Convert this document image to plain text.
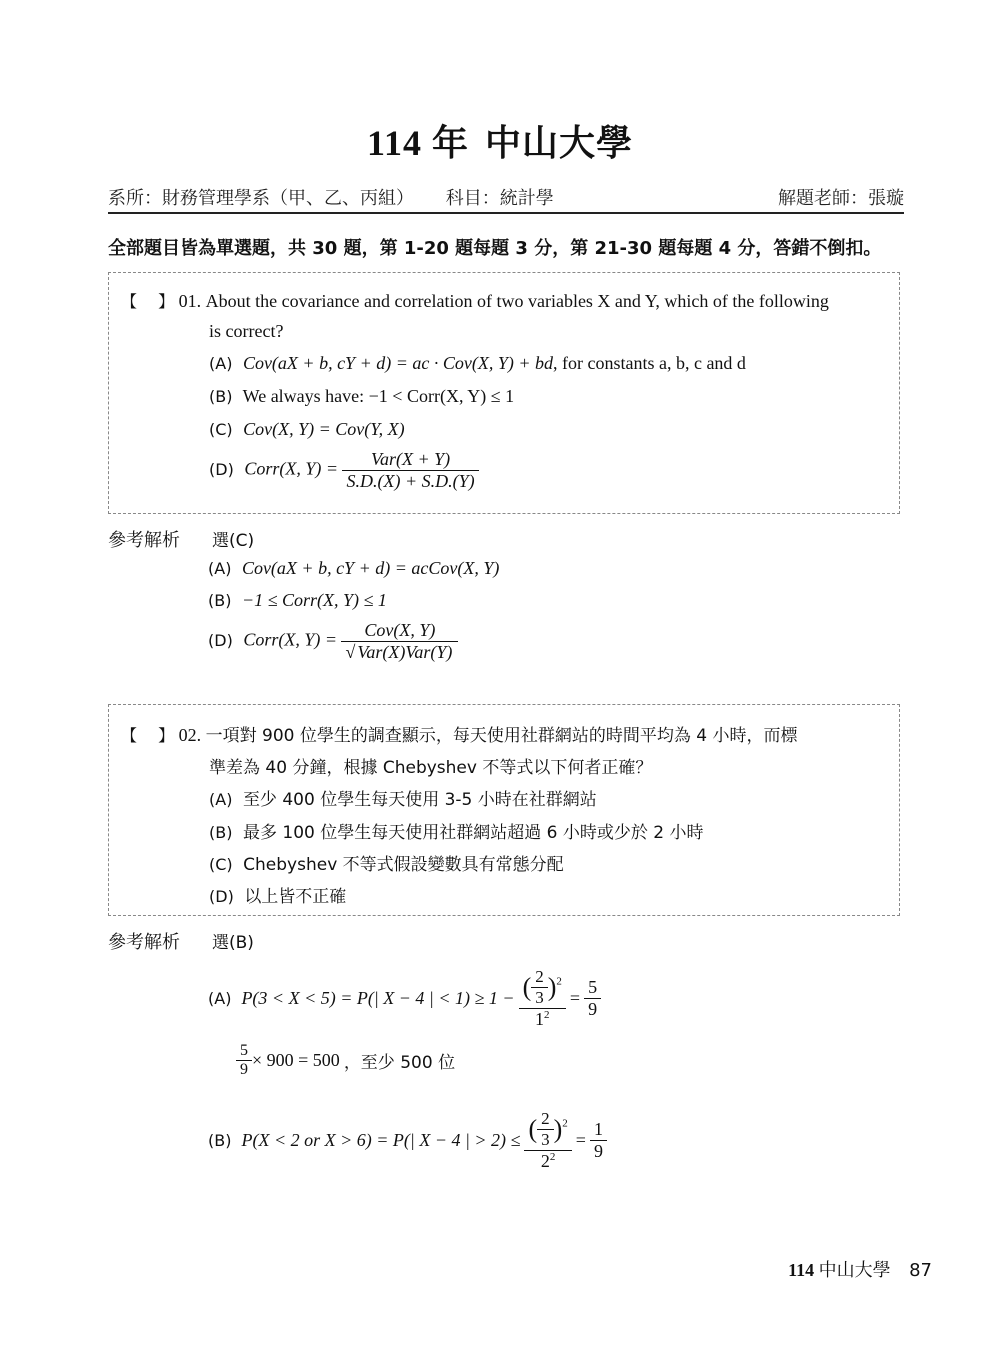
114 年 中山大學
系所：財務管理學系（甲、乙、丙組） 科目：統計學	解題老師：張璇
全部題目皆為單選題，共 30 題，第 1-20 題每題 3 分，第 21-30 題每題 4 分，答錯不倒扣。
【　 】 01. About the covariance and correlation of two variables X and Y, which of the following
is correct?
(A) Cov(aX + b, cY + d) = ac · Cov(X, Y) + bd, for constants a, b, c and d
(B) We always have: −1 < Corr(X, Y) ≤ 1
(C) Cov(X, Y) = Cov(Y, X)
(D) Corr(X, $Y) = \frac{\text{Var(X + Y)}}{S.D.(X) + S.D.(Y)}$
參考解析 選(C)
(A) Cov(aX + b, cY + d) = acCov(X, Y)
(B) −1 ≤ Corr(X, Y) ≤ 1
(D) Corr(X, $Y) = \frac{\text{Cov(X, Y)}}{\text{√ Var(X)Var(Y)}}$
【　 】 02. 一項對 900 位學生的調查顯示，每天使用社群網站的時間平均為 4 小時，而標
準差為 40 分鐘，根據 Chebyshev 不等式以下何者正確？
(A) 至少 400 位學生每天使用 3-5 小時在社群網站
(B) 最多 100 位學生每天使用社群網站超過 6 小時或少於 2 小時
(C) Chebyshev 不等式假設變數具有常態分配
(D) 以上皆不正確
參考解析 選(B)
(A) P(3 < X < 5) = P(| X − 4 | < $1) \ge 1 - \frac{( \frac{2}{3} )^2}{1^2} = \frac{5}{9}$
$\frac{5}{9} \times 900 = 500$ ，至少 500 位
(B) P(X < 2 or X > 6) = P(| X − 4 | > $2) \le \frac{( \frac{2}{3} )^2}{2^2} = \frac{1}{9}$
114 中山大學 87
